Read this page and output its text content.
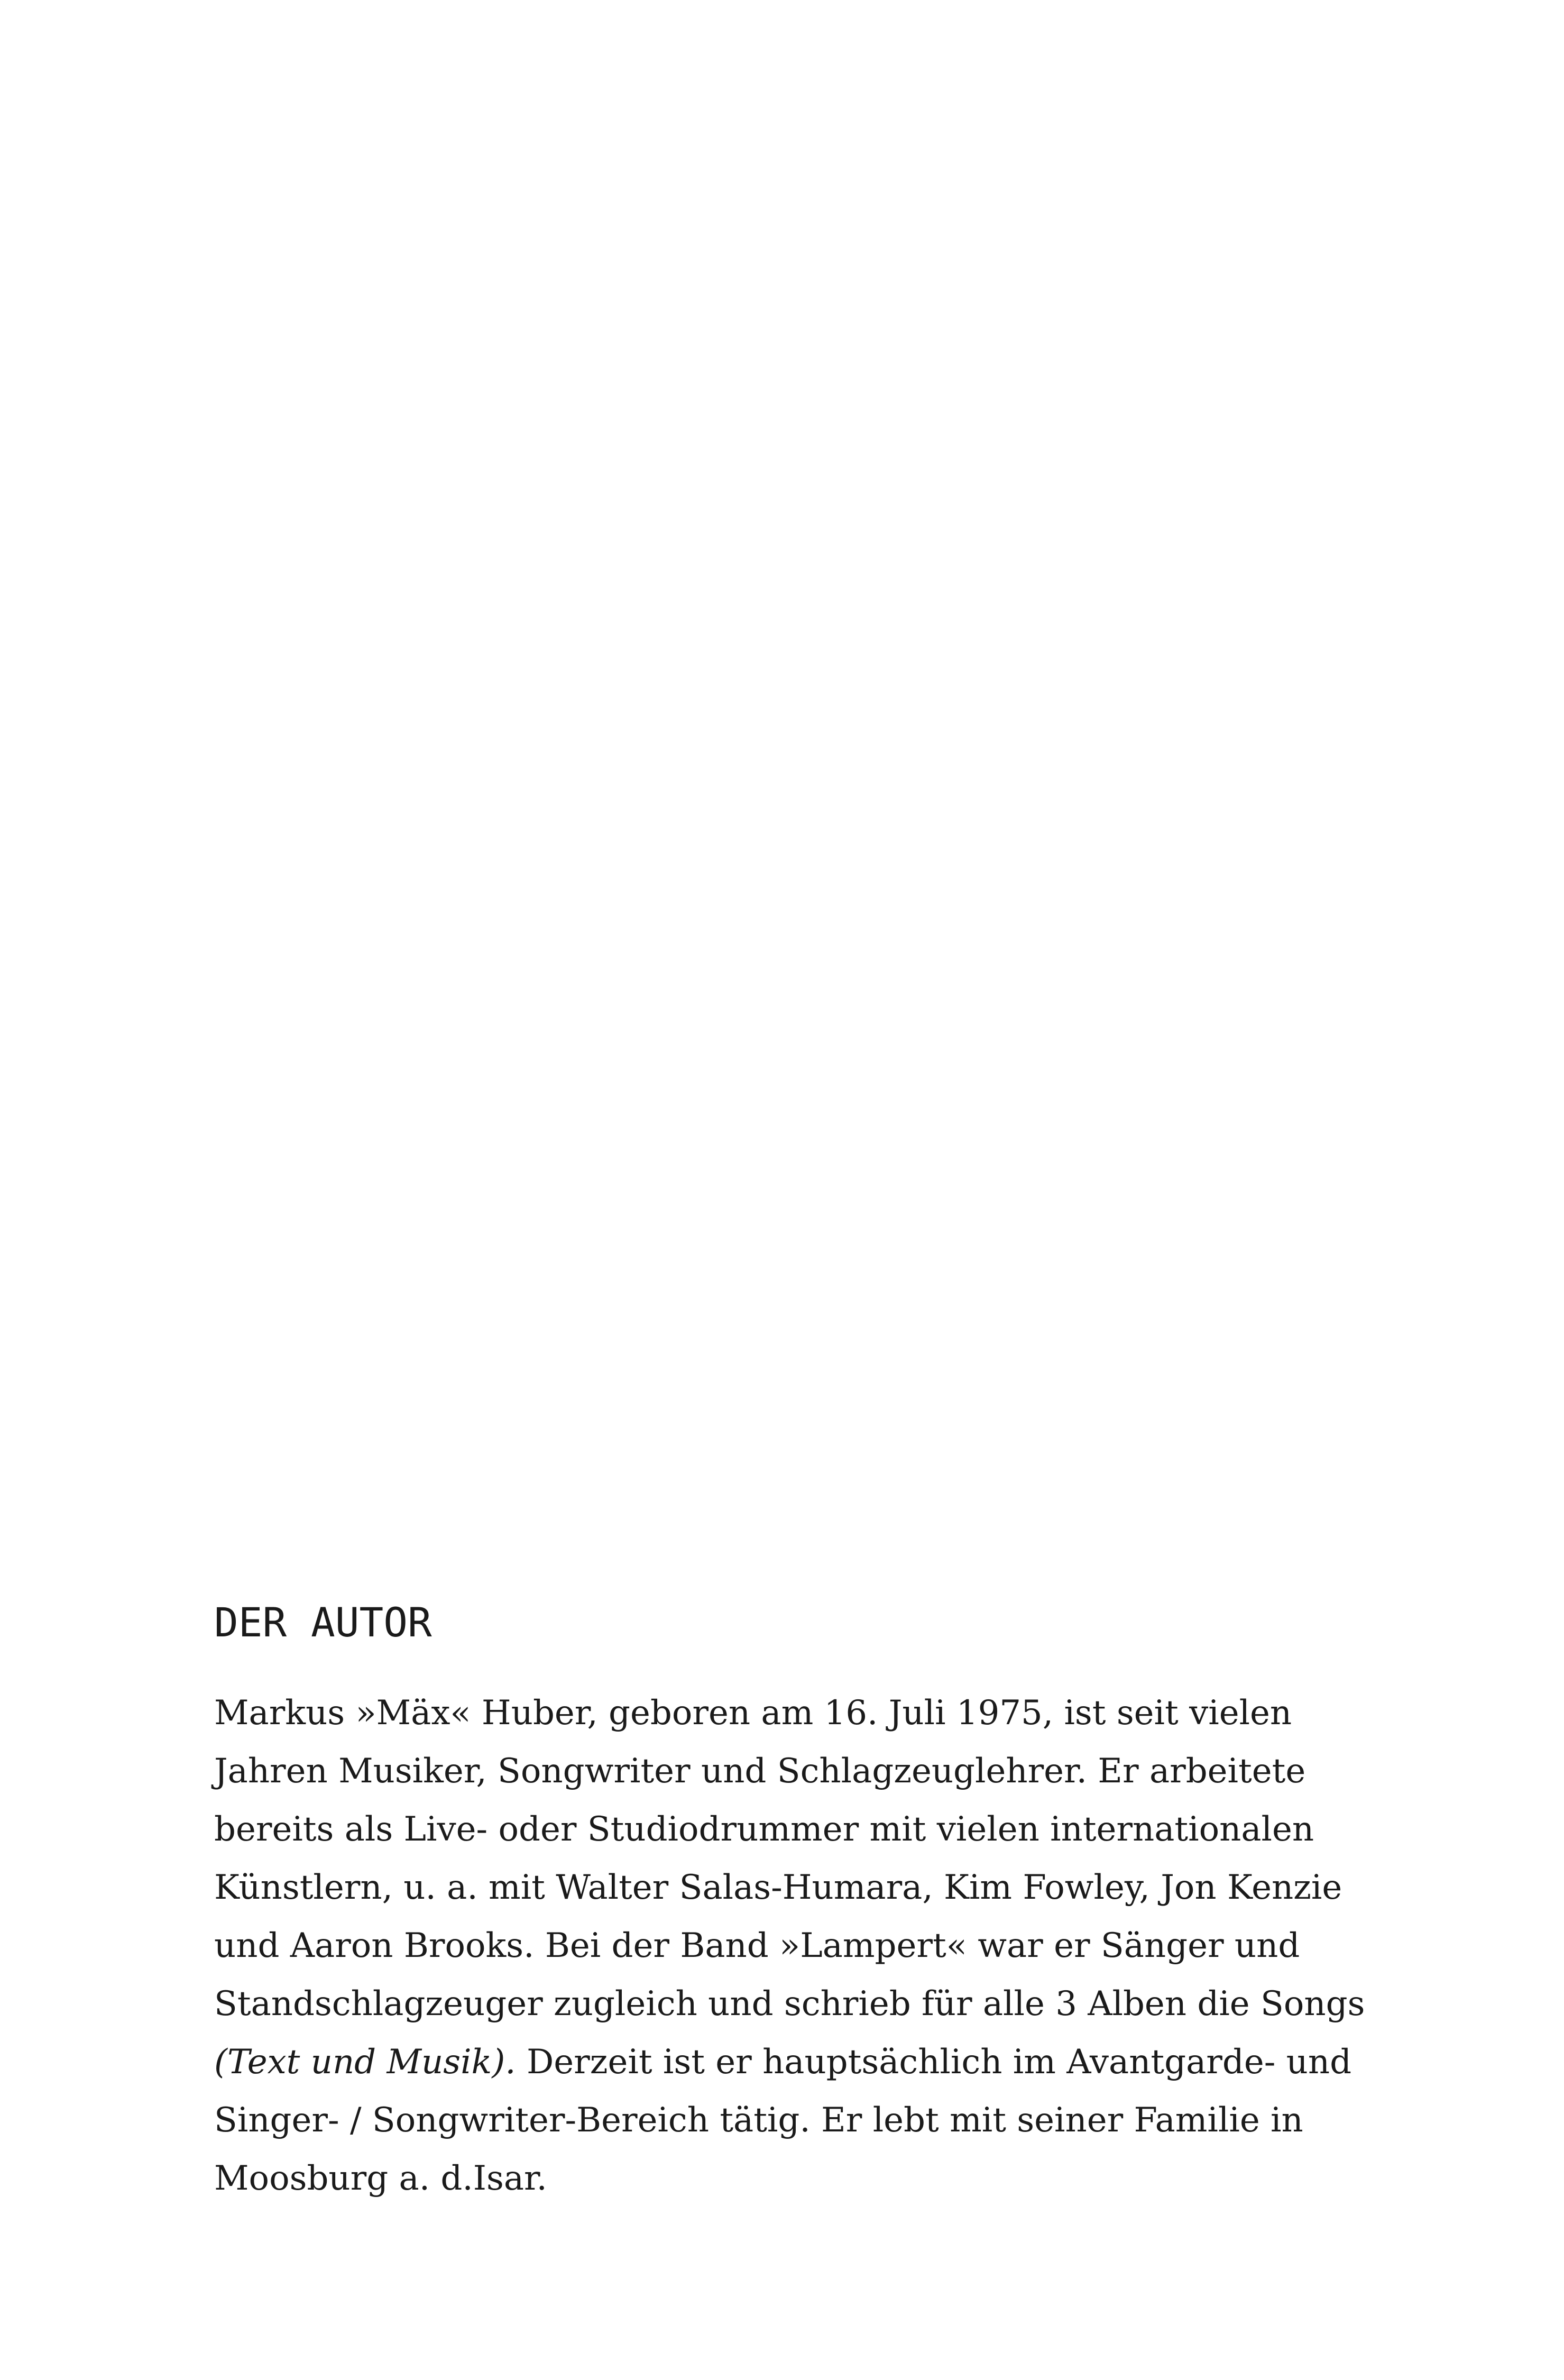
DER AUTOR

Markus »Mäx« Huber, geboren am 16. Juli 1975, ist seit vielen
Jahren Musiker, Songwriter und Schlagzeuglehrer. Er arbeitete
bereits als Live- oder Studiodrummer mit vielen internationalen
Künstlern, u. a. mit Walter Salas-Humara, Kim Fowley, Jon Kenzie
und Aaron Brooks. Bei der Band »Lampert« war er Sänger und
Standschlagzeuger zugleich und schrieb für alle 3 Alben die Songs
(Text und Musik). Derzeit ist er hauptsächlich im Avantgarde- und
Singer- / Songwriter-Bereich tätig. Er lebt mit seiner Familie in
Moosburg a. d.Isar.
